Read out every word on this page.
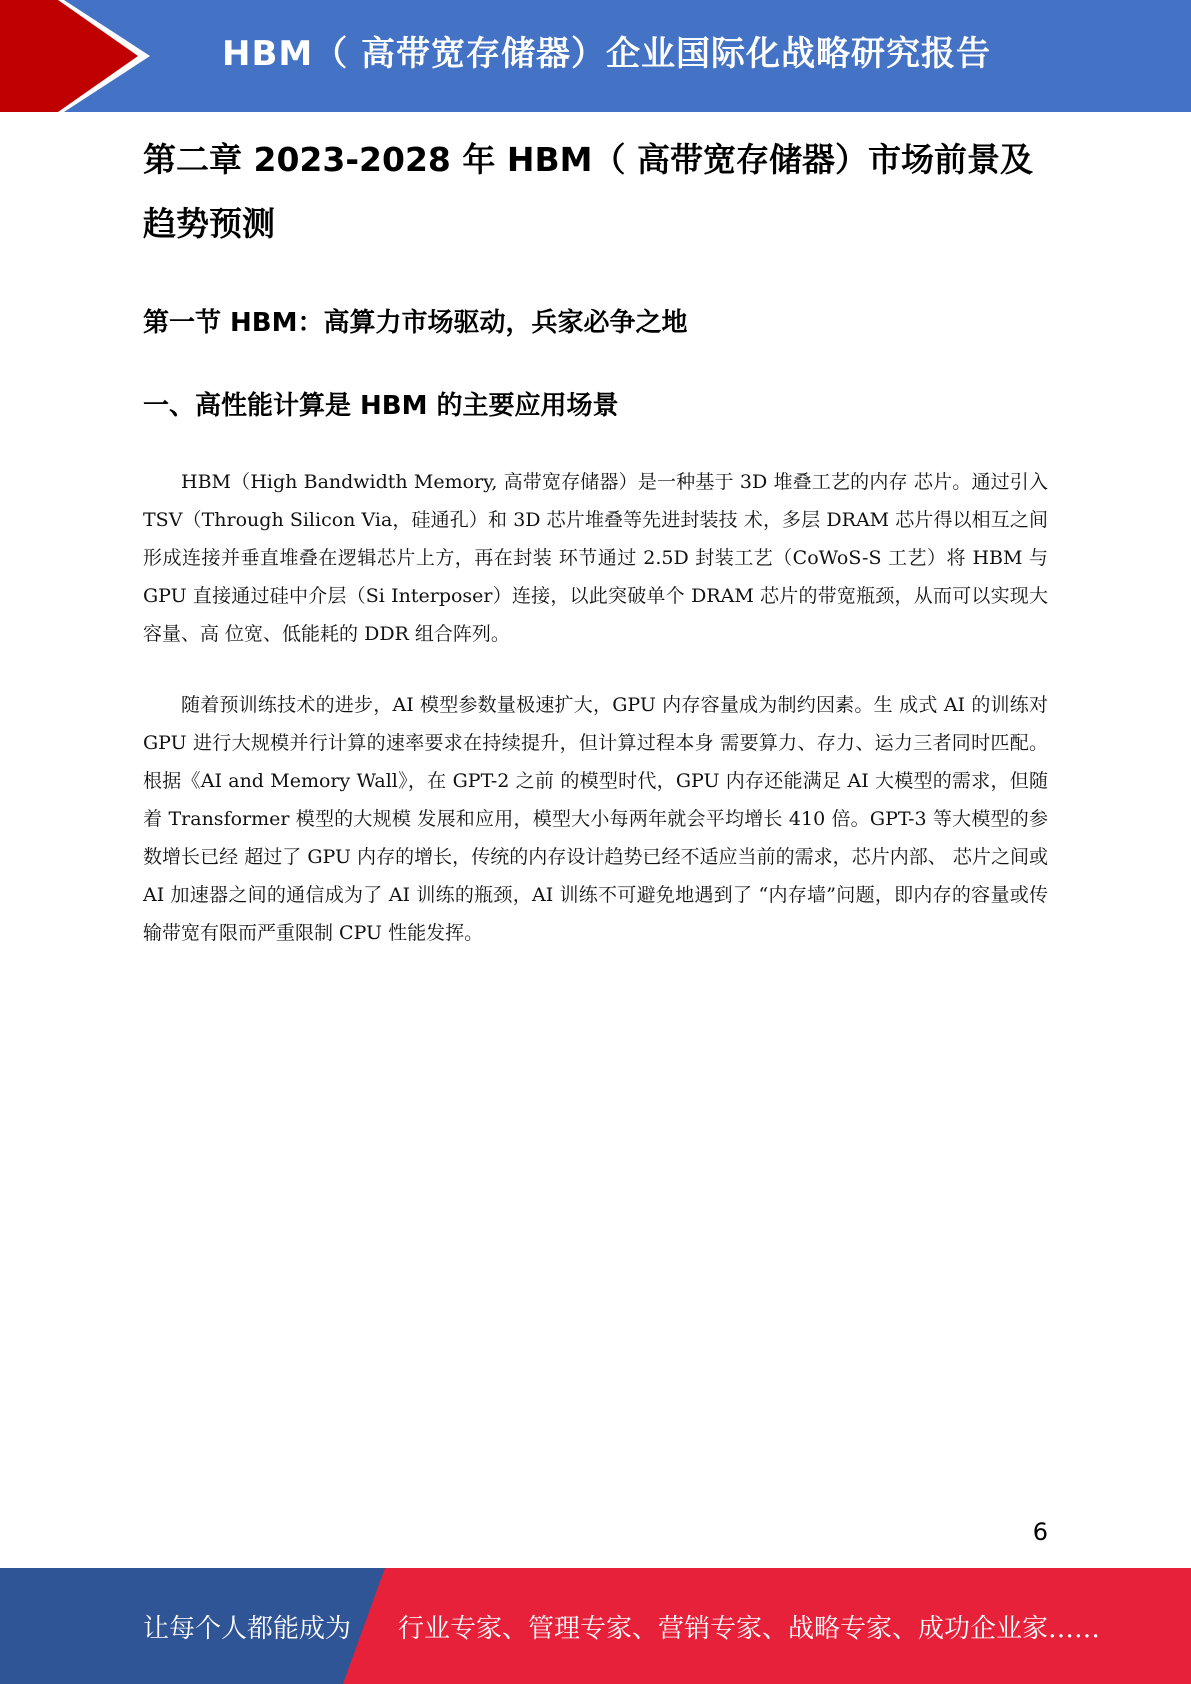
HBM（ 高带宽存储器）企业国际化战略研究报告
第二章 2023-2028 年 HBM（ 高带宽存储器）市场前景及趋势预测
第一节 HBM：高算力市场驱动，兵家必争之地
一、高性能计算是 HBM 的主要应用场景

HBM（High Bandwidth Memory, 高带宽存储器）是一种基于 3D 堆叠工艺的内存 芯片。通过引入 TSV（Through Silicon Via，硅通孔）和 3D 芯片堆叠等先进封装技 术，多层 DRAM 芯片得以相互之间形成连接并垂直堆叠在逻辑芯片上方，再在封装 环节通过 2.5D 封装工艺（CoWoS-S 工艺）将 HBM 与 GPU 直接通过硅中介层（Si Interposer）连接，以此突破单个 DRAM 芯片的带宽瓶颈，从而可以实现大容量、高 位宽、低能耗的 DDR 组合阵列。

随着预训练技术的进步，AI 模型参数量极速扩大，GPU 内存容量成为制约因素。生 成式 AI 的训练对 GPU 进行大规模并行计算的速率要求在持续提升，但计算过程本身 需要算力、存力、运力三者同时匹配。根据《AI and Memory Wall》，在 GPT-2 之前 的模型时代，GPU 内存还能满足 AI 大模型的需求，但随着 Transformer 模型的大规模 发展和应用，模型大小每两年就会平均增长 410 倍。GPT-3 等大模型的参数增长已经 超过了 GPU 内存的增长，传统的内存设计趋势已经不适应当前的需求，芯片内部、 芯片之间或 AI 加速器之间的通信成为了 AI 训练的瓶颈，AI 训练不可避免地遇到了 “内存墙”问题，即内存的容量或传输带宽有限而严重限制 CPU 性能发挥。

6
让每个人都能成为 行业专家、管理专家、营销专家、战略专家、成功企业家……
